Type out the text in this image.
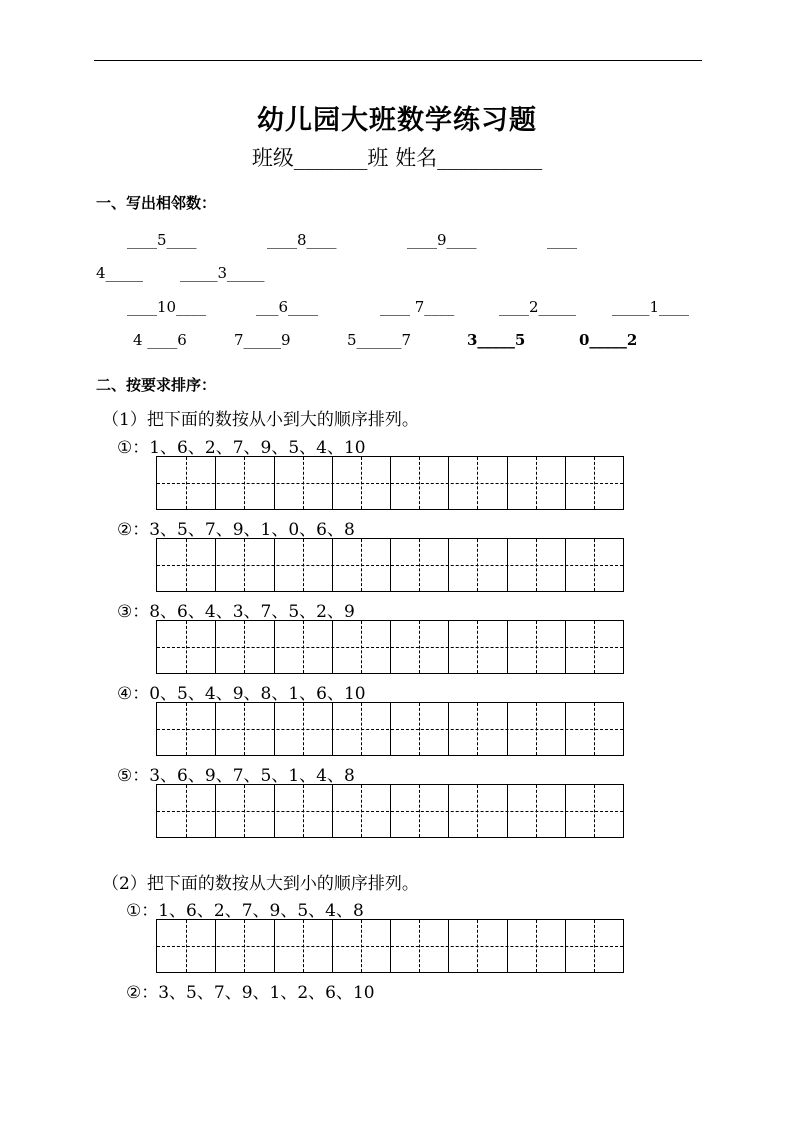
幼儿园大班数学练习题
班级_______班 姓名__________
一、写出相邻数：
____5____	____8____	____9____	____
4_____ _____3_____
____10____	___6____	____ 7____	____2_____ _____1____
4 ____6	7_____9	5______7	3_____5	0_____2
二、按要求排序：
（1）把下面的数按从小到大的顺序排列。
①：1、6、2、7、9、5、4、10
②：3、5、7、9、1、0、6、8
③：8、6、4、3、7、5、2、9
④：0、5、4、9、8、1、6、10
⑤：3、6、9、7、5、1、4、8
（2）把下面的数按从大到小的顺序排列。
①：1、6、2、7、9、5、4、8
②：3、5、7、9、1、2、6、10
